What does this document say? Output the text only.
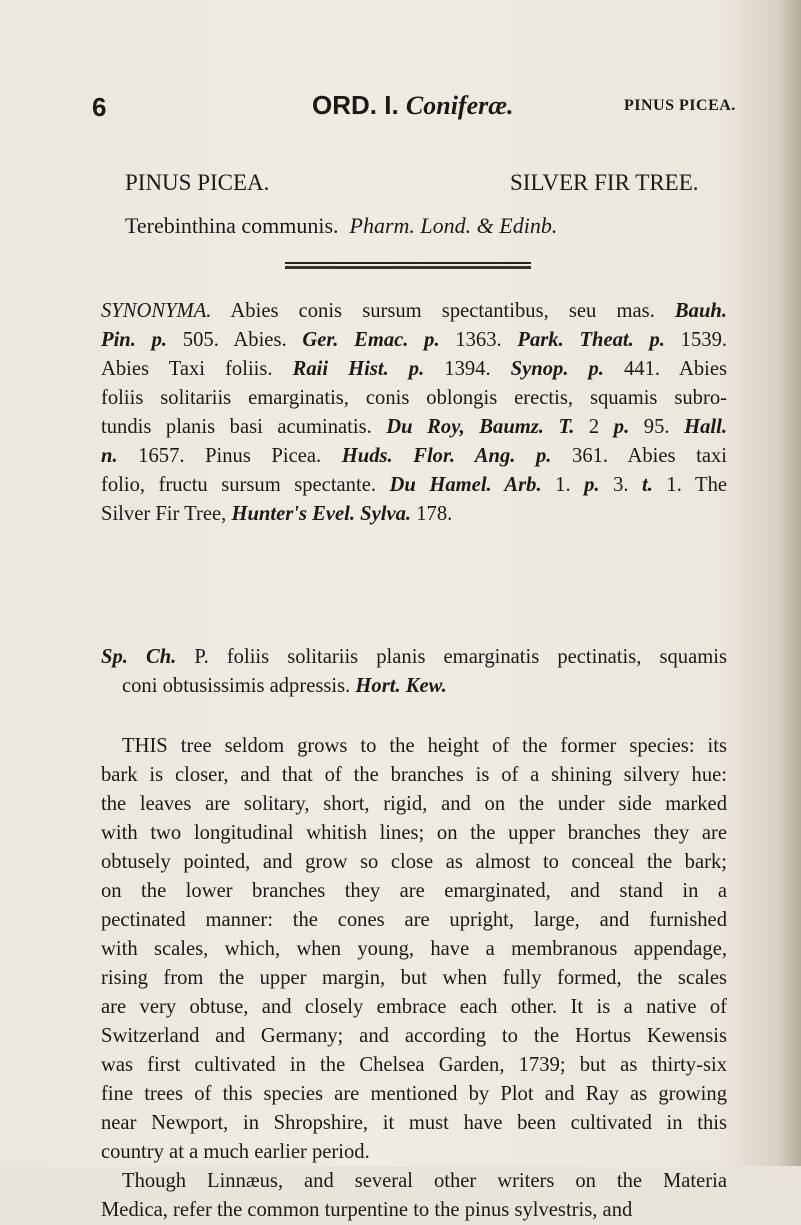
6	ORD. I. Coniferæ.	PINUS PICEA.
PINUS PICEA.	SILVER FIR TREE.
Terebinthina communis. Pharm. Lond. & Edinb.
SYNONYMA. Abies conis sursum spectantibus, seu mas. Bauh.
Pin. p. 505. Abies. Ger. Emac. p. 1363. Park. Theat. p. 1539.
Abies Taxi foliis. Raii Hist. p. 1394. Synop. p. 441. Abies
foliis solitariis emarginatis, conis oblongis erectis, squamis subro-
tundis planis basi acuminatis. Du Roy, Baumz. T. 2 p. 95. Hall.
n. 1657. Pinus Picea. Huds. Flor. Ang. p. 361. Abies taxi
folio, fructu sursum spectante. Du Hamel. Arb. 1. p. 3. t. 1. The
Silver Fir Tree, Hunter's Evel. Sylva. 178.
Sp. Ch. P. foliis solitariis planis emarginatis pectinatis, squamis
coni obtusissimis adpressis. Hort. Kew.
THIS tree seldom grows to the height of the former species: its
bark is closer, and that of the branches is of a shining silvery hue:
the leaves are solitary, short, rigid, and on the under side marked
with two longitudinal whitish lines; on the upper branches they are
obtusely pointed, and grow so close as almost to conceal the bark;
on the lower branches they are emarginated, and stand in a
pectinated manner: the cones are upright, large, and furnished
with scales, which, when young, have a membranous appendage,
rising from the upper margin, but when fully formed, the scales
are very obtuse, and closely embrace each other. It is a native of
Switzerland and Germany; and according to the Hortus Kewensis
was first cultivated in the Chelsea Garden, 1739; but as thirty-six
fine trees of this species are mentioned by Plot and Ray as growing
near Newport, in Shropshire, it must have been cultivated in this
country at a much earlier period.
Though Linnæus, and several other writers on the Materia
Medica, refer the common turpentine to the pinus sylvestris, and
